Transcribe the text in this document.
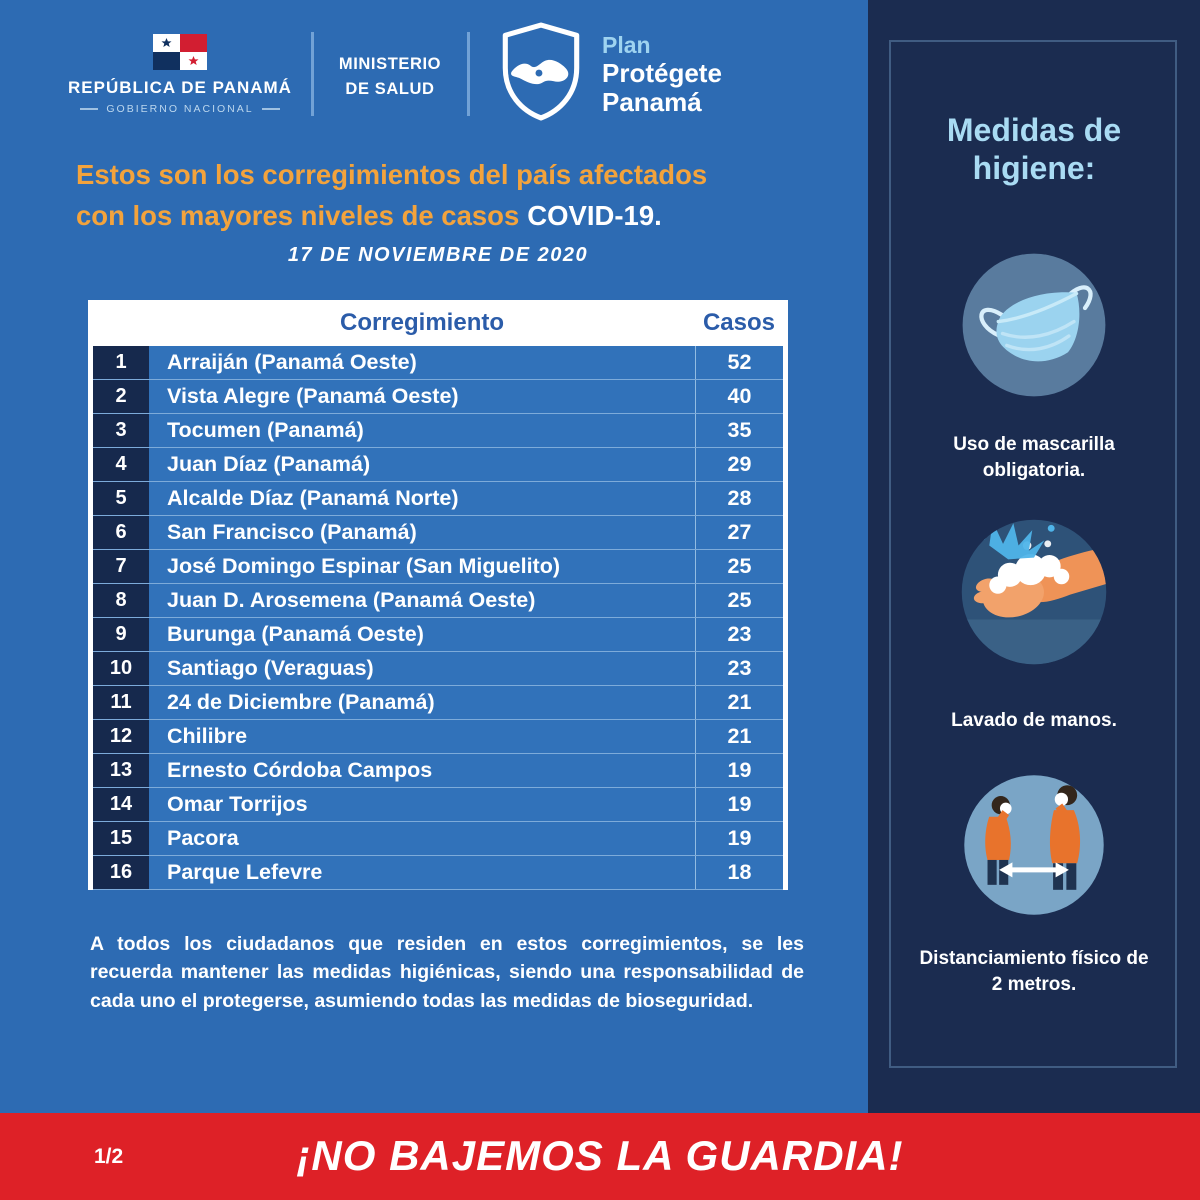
REPÚBLICA DE PANAMÁ
GOBIERNO NACIONAL
MINISTERIO
DE SALUD
Plan
Protégete
Panamá
Estos son los corregimientos del país afectados
con los mayores niveles de casos COVID-19.
17 DE NOVIEMBRE DE 2020
Corregimiento	Casos
1	Arraiján (Panamá Oeste)	52
2	Vista Alegre (Panamá Oeste)	40
3	Tocumen (Panamá)	35
4	Juan Díaz (Panamá)	29
5	Alcalde Díaz (Panamá Norte)	28
6	San Francisco (Panamá)	27
7	José Domingo Espinar (San Miguelito)	25
8	Juan D. Arosemena (Panamá Oeste)	25
9	Burunga (Panamá Oeste)	23
10	Santiago (Veraguas)	23
11	24 de Diciembre (Panamá)	21
12	Chilibre	21
13	Ernesto Córdoba Campos	19
14	Omar Torrijos	19
15	Pacora	19
16	Parque Lefevre	18
A todos los ciudadanos que residen en estos corregimientos, se les recuerda mantener las medidas higiénicas, siendo una responsabilidad de cada uno el protegerse, asumiendo todas las medidas de bioseguridad.
Medidas de
higiene:
Uso de mascarilla obligatoria.
Lavado de manos.
Distanciamiento físico de 2 metros.
1/2	¡NO BAJEMOS LA GUARDIA!
